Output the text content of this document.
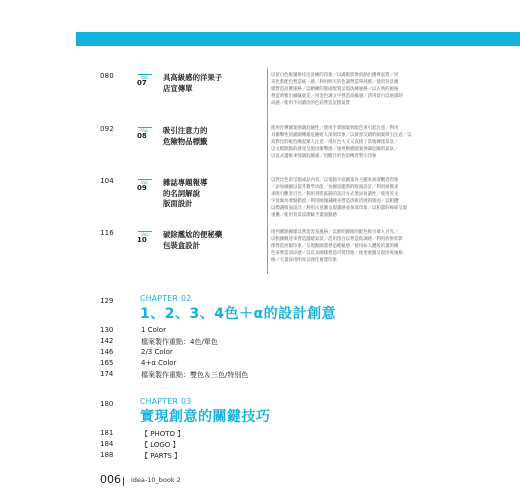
080	Vol.
07
具高級感的洋果子
店宣傳單
以留白色框鋪排托出洗練的印象／以滿版影像放點出優尊氣質／同
采色系配色營造統一感／利用明天的色調營造單純感／使用背景圖
樣營造高雅風格／以精練的版面配置呈現洗練風格／以古典的風格
營造典雅出細膩柔美／用金色調文字營造高級感／活用留白以展露時
尚感／使用不同濃淡的色彩營造沉穩氣質
092	Vol.
08
吸引注意力的
危險物品標籤
使用作彈圖案強調危險性／使用手掌圖案與配色來引起注意／利用
具衝擊性的插圖傳遞危險給人深刻印象／以黃黑交錯的圖案吸引注意／以
高對比的配色喚起眾人注意／用紅色大又又直接了當地傳達訊息／
以文檔點點的感受呈現出衝擊感／運用動態圖案強調危險的氣氛／
以直式邊框來強調危險感／用醒目的色彩傳達警示印象
104	Vol.
09
雜誌專題報導
的名詞解說
版面設計
以對比色彩呈現成品內容／以電腦介面圖案為主題來加深觀者印象
／添加細圖以提升教學功能／仿圖話題典的版面設計／利用掃描來
來吸引觀者目光／利用刊影區隔的設計方式增添易讀性／使用英文
字母做為要點錯置／利用圖塊鋪陳來營造清新活潑的版面／以粗體
以標識版面設計／利用示意圖呈現讀感並加深印象／以和諧的線條呈現
重疊／使用背景紋理賦予畫面動感
116	Vol.
10
破除尷尬的便秘藥
包裝盒設計
排列圖點圖樣以營造害羞風格／以鮮明圖節的配色吸引眾人目光／
以粗獷概述來營造溫暖氣氛／活用留白以營造低調感／利用放射狀影
像營造亮眼印象／呈現點圖畫營造輕鬆感／使用如人體般的畫的總
色來營造清涼感／以花朵圖樣營造可愛印象／使用重圖呈現清爽風格
格／大量採用明亮以強化視覺印象
129	CHAPTER 02
1、2、3、4色＋α的設計創意
130	1 Color
142	檔案製作重點：4色/單色
146	2/3 Color
165	4+α Color
174	檔案製作重點：雙色＆三色/特別色
180	CHAPTER 03
實現創意的關鍵技巧
181	【 PHOTO 】
184	【 LOGO 】
188	【 PARTS 】
006 idea-10_book 2
